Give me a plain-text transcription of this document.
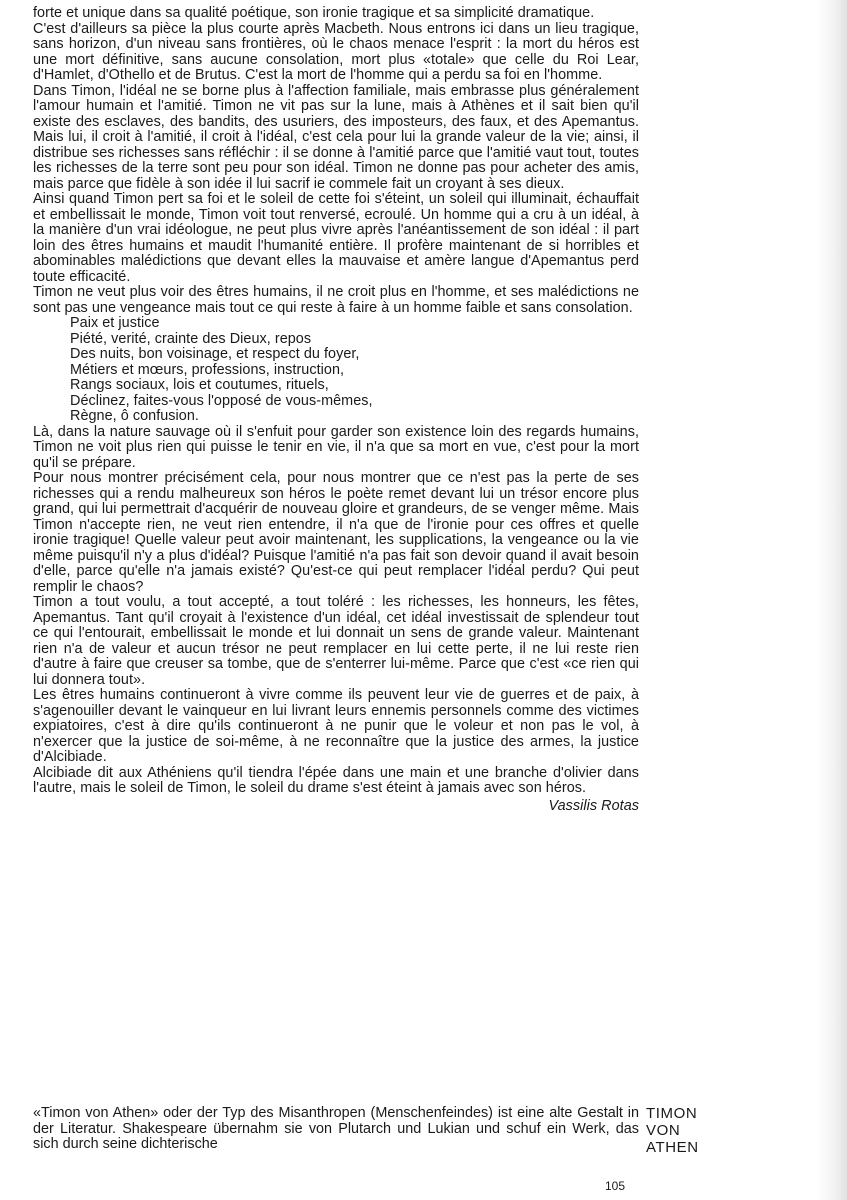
forte et unique dans sa qualité poétique, son ironie tragique et sa simplicité dramatique.

C'est d'ailleurs sa pièce la plus courte après Macbeth. Nous entrons ici dans un lieu tragique, sans horizon, d'un niveau sans frontières, où le chaos menace l'esprit : la mort du héros est une mort définitive, sans aucune consolation, mort plus «totale» que celle du Roi Lear, d'Hamlet, d'Othello et de Brutus. C'est la mort de l'homme qui a perdu sa foi en l'homme.

Dans Timon, l'idéal ne se borne plus à l'affection familiale, mais embrasse plus généralement l'amour humain et l'amitié. Timon ne vit pas sur la lune, mais à Athènes et il sait bien qu'il existe des esclaves, des bandits, des usuriers, des imposteurs, des faux, et des Apemantus. Mais lui, il croit à l'amitié, il croit à l'idéal, c'est cela pour lui la grande valeur de la vie; ainsi, il distribue ses richesses sans réfléchir : il se donne à l'amitié parce que l'amitié vaut tout, toutes les richesses de la terre sont peu pour son idéal. Timon ne donne pas pour acheter des amis, mais parce que fidèle à son idée il lui sacrif ie commele fait un croyant à ses dieux.

Ainsi quand Timon pert sa foi et le soleil de cette foi s'éteint, un soleil qui illuminait, échauffait et embellissait le monde, Timon voit tout renversé, ecroulé. Un homme qui a cru à un idéal, à la manière d'un vrai idéologue, ne peut plus vivre après l'anéantissement de son idéal : il part loin des êtres humains et maudit l'humanité entière. Il profère maintenant de si horribles et abominables malédictions que devant elles la mauvaise et amère langue d'Apemantus perd toute efficacité.

Timon ne veut plus voir des êtres humains, il ne croit plus en l'homme, et ses malédictions ne sont pas une vengeance mais tout ce qui reste à faire à un homme faible et sans consolation.

Paix et justice
Piété, verité, crainte des Dieux, repos
Des nuits, bon voisinage, et respect du foyer,
Métiers et mœurs, professions, instruction,
Rangs sociaux, lois et coutumes, rituels,
Déclinez, faites-vous l'opposé de vous-mêmes,
Règne, ô confusion.

Là, dans la nature sauvage où il s'enfuit pour garder son existence loin des regards humains, Timon ne voit plus rien qui puisse le tenir en vie, il n'a que sa mort en vue, c'est pour la mort qu'il se prépare.

Pour nous montrer précisément cela, pour nous montrer que ce n'est pas la perte de ses richesses qui a rendu malheureux son héros le poète remet devant lui un trésor encore plus grand, qui lui permettrait d'acquérir de nouveau gloire et grandeurs, de se venger même. Mais Timon n'accepte rien, ne veut rien entendre, il n'a que de l'ironie pour ces offres et quelle ironie tragique! Quelle valeur peut avoir maintenant, les supplications, la vengeance ou la vie même puisqu'il n'y a plus d'idéal? Puisque l'amitié n'a pas fait son devoir quand il avait besoin d'elle, parce qu'elle n'a jamais existé? Qu'est-ce qui peut remplacer l'idéal perdu? Qui peut remplir le chaos?

Timon a tout voulu, a tout accepté, a tout toléré : les richesses, les honneurs, les fêtes, Apemantus. Tant qu'il croyait à l'existence d'un idéal, cet idéal investissait de splendeur tout ce qui l'entourait, embellissait le monde et lui donnait un sens de grande valeur. Maintenant rien n'a de valeur et aucun trésor ne peut remplacer en lui cette perte, il ne lui reste rien d'autre à faire que creuser sa tombe, que de s'enterrer lui-même. Parce que c'est «ce rien qui lui donnera tout».

Les êtres humains continueront à vivre comme ils peuvent leur vie de guerres et de paix, à s'agenouiller devant le vainqueur en lui livrant leurs ennemis personnels comme des victimes expiatoires, c'est à dire qu'ils continueront à ne punir que le voleur et non pas le vol, à n'exercer que la justice de soi-même, à ne reconnaître que la justice des armes, la justice d'Alcibiade.

Alcibiade dit aux Athéniens qu'il tiendra l'épée dans une main et une branche d'olivier dans l'autre, mais le soleil de Timon, le soleil du drame s'est éteint à jamais avec son héros.

Vassilis Rotas

«Timon von Athen» oder der Typ des Misanthropen (Menschenfeindes) ist eine alte Gestalt in der Literatur. Shakespeare übernahm sie von Plutarch und Lukian und schuf ein Werk, das sich durch seine dichterische

TIMON
VON
ATHEN
105
